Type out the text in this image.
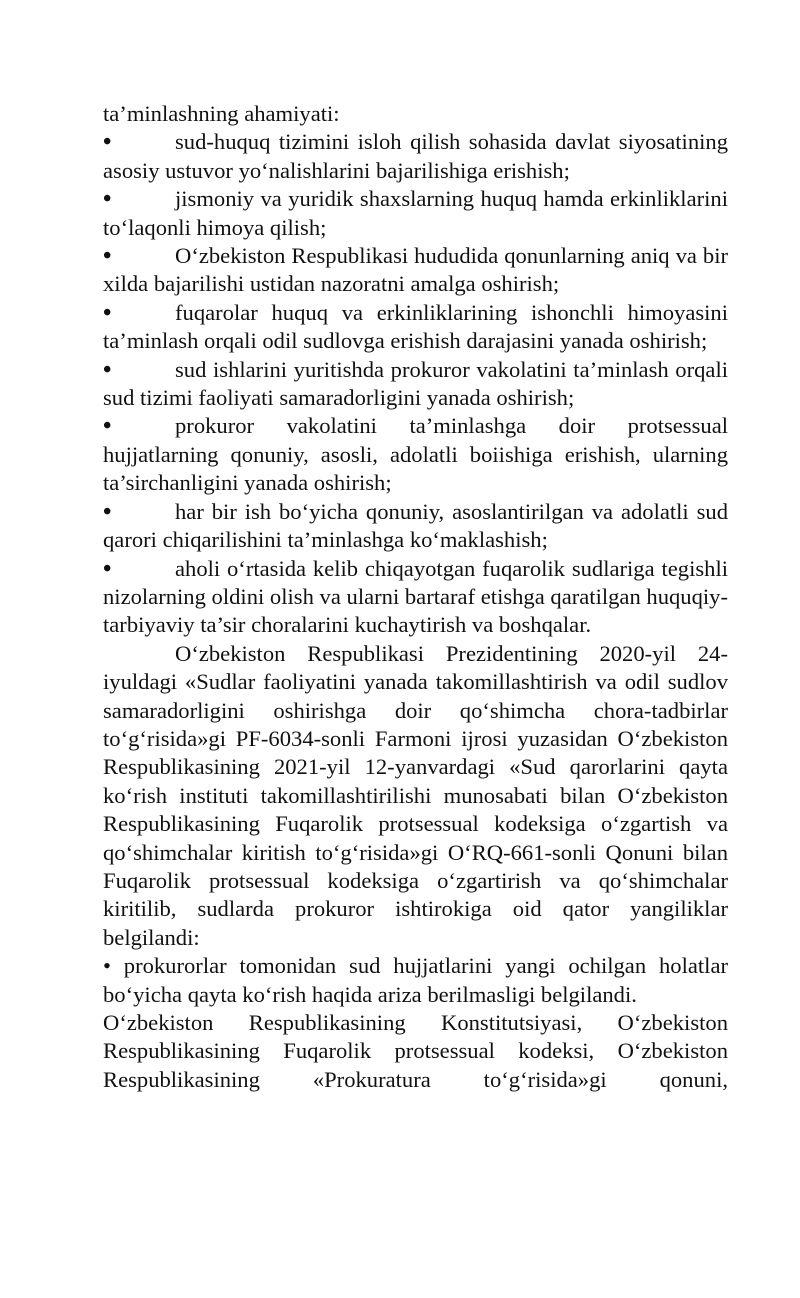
ta’minlashning ahamiyati:

•	sud-huquq tizimini isloh qilish sohasida davlat siyosatining asosiy ustuvor yo‘nalishlarini bajarilishiga erishish;

•	jismoniy va yuridik shaxslarning huquq hamda erkinliklarini to‘laqonli himoya qilish;

•	O‘zbekiston Respublikasi hududida qonunlarning aniq va bir xilda bajarilishi ustidan nazoratni amalga oshirish;

•	fuqarolar huquq va erkinliklarining ishonchli himoyasini ta’minlash orqali odil sudlovga erishish darajasini yanada oshirish;

•	sud ishlarini yuritishda prokuror vakolatini ta’minlash orqali sud tizimi faoliyati samaradorligini yanada oshirish;

•	prokuror vakolatini ta’minlashga doir protsessual hujjatlarning qonuniy, asosli, adolatli boiishiga erishish, ularning ta’sirchanligini yanada oshirish;

•	har bir ish bo‘yicha qonuniy, asoslantirilgan va adolatli sud qarori chiqarilishini ta’minlashga ko‘maklashish;

•	aholi o‘rtasida kelib chiqayotgan fuqarolik sudlariga tegishli nizolarning oldini olish va ularni bartaraf etishga qaratilgan huquqiy-tarbiyaviy ta’sir choralarini kuchaytirish va boshqalar.

O‘zbekiston Respublikasi Prezidentining 2020-yil 24-iyuldagi «Sudlar faoliyatini yanada takomillashtirish va odil sudlov samaradorligini oshirishga doir qo‘shimcha chora-tadbirlar to‘g‘risida»gi PF-6034-sonli Farmoni ijrosi yuzasidan O‘zbekiston Respublikasining 2021-yil 12-yanvardagi «Sud qarorlarini qayta ko‘rish instituti takomillashtirilishi munosabati bilan O‘zbekiston Respublikasining Fuqarolik protsessual kodeksiga o‘zgartish va qo‘shimchalar kiritish to‘g‘risida»gi O‘RQ-661-sonli Qonuni bilan Fuqarolik protsessual kodeksiga o‘zgartirish va qo‘shimchalar kiritilib, sudlarda prokuror ishtirokiga oid qator yangiliklar belgilandi:

• prokurorlar tomonidan sud hujjatlarini yangi ochilgan holatlar bo‘yicha qayta ko‘rish haqida ariza berilmasligi belgilandi.

O‘zbekiston Respublikasining Konstitutsiyasi, O‘zbekiston Respublikasining Fuqarolik protsessual kodeksi, O‘zbekiston Respublikasining «Prokuratura to‘g‘risida»gi qonuni,
